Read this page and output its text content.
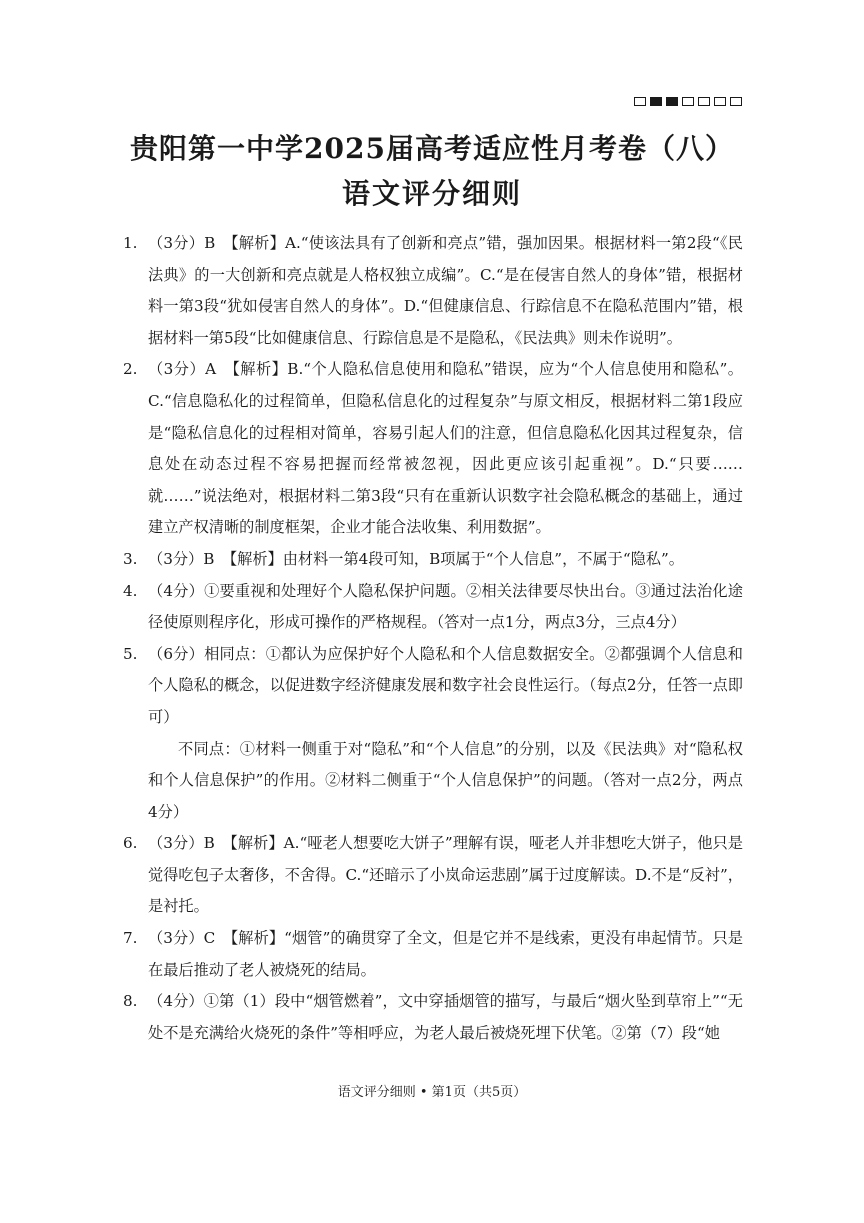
贵阳第一中学2025届高考适应性月考卷（八）
语文评分细则
1. （3分）B　【解析】A.“使该法具有了创新和亮点”错，强加因果。根据材料一第2段“《民法典》的一大创新和亮点就是人格权独立成编”。C.“是在侵害自然人的身体”错，根据材料一第3段“犹如侵害自然人的身体”。D.“但健康信息、行踪信息不在隐私范围内”错，根据材料一第5段“比如健康信息、行踪信息是不是隐私，《民法典》则未作说明”。
2. （3分）A　【解析】B.“个人隐私信息使用和隐私”错误，应为“个人信息使用和隐私”。C.“信息隐私化的过程简单，但隐私信息化的过程复杂”与原文相反，根据材料二第1段应是“隐私信息化的过程相对简单，容易引起人们的注意，但信息隐私化因其过程复杂，信息处在动态过程不容易把握而经常被忽视，因此更应该引起重视”。D.“只要……就……”说法绝对，根据材料二第3段“只有在重新认识数字社会隐私概念的基础上，通过建立产权清晰的制度框架，企业才能合法收集、利用数据”。
3. （3分）B　【解析】由材料一第4段可知，B项属于“个人信息”，不属于“隐私”。
4. （4分）①要重视和处理好个人隐私保护问题。②相关法律要尽快出台。③通过法治化途径使原则程序化，形成可操作的严格规程。（答对一点1分，两点3分，三点4分）
5. （6分）相同点：①都认为应保护好个人隐私和个人信息数据安全。②都强调个人信息和个人隐私的概念，以促进数字经济健康发展和数字社会良性运行。（每点2分，任答一点即可）
不同点：①材料一侧重于对“隐私”和“个人信息”的分别，以及《民法典》对“隐私权和个人信息保护”的作用。②材料二侧重于“个人信息保护”的问题。（答对一点2分，两点4分）
6. （3分）B　【解析】A.“哑老人想要吃大饼子”理解有误，哑老人并非想吃大饼子，他只是觉得吃包子太奢侈，不舍得。C.“还暗示了小岚命运悲剧”属于过度解读。D.不是“反衬”，是衬托。
7. （3分）C　【解析】“烟管”的确贯穿了全文，但是它并不是线索，更没有串起情节。只是在最后推动了老人被烧死的结局。
8. （4分）①第（1）段中“烟管燃着”，文中穿插烟管的描写，与最后“烟火坠到草帘上”“无处不是充满给火烧死的条件”等相呼应，为老人最后被烧死埋下伏笔。②第（7）段“她
语文评分细则 • 第1页（共5页）
